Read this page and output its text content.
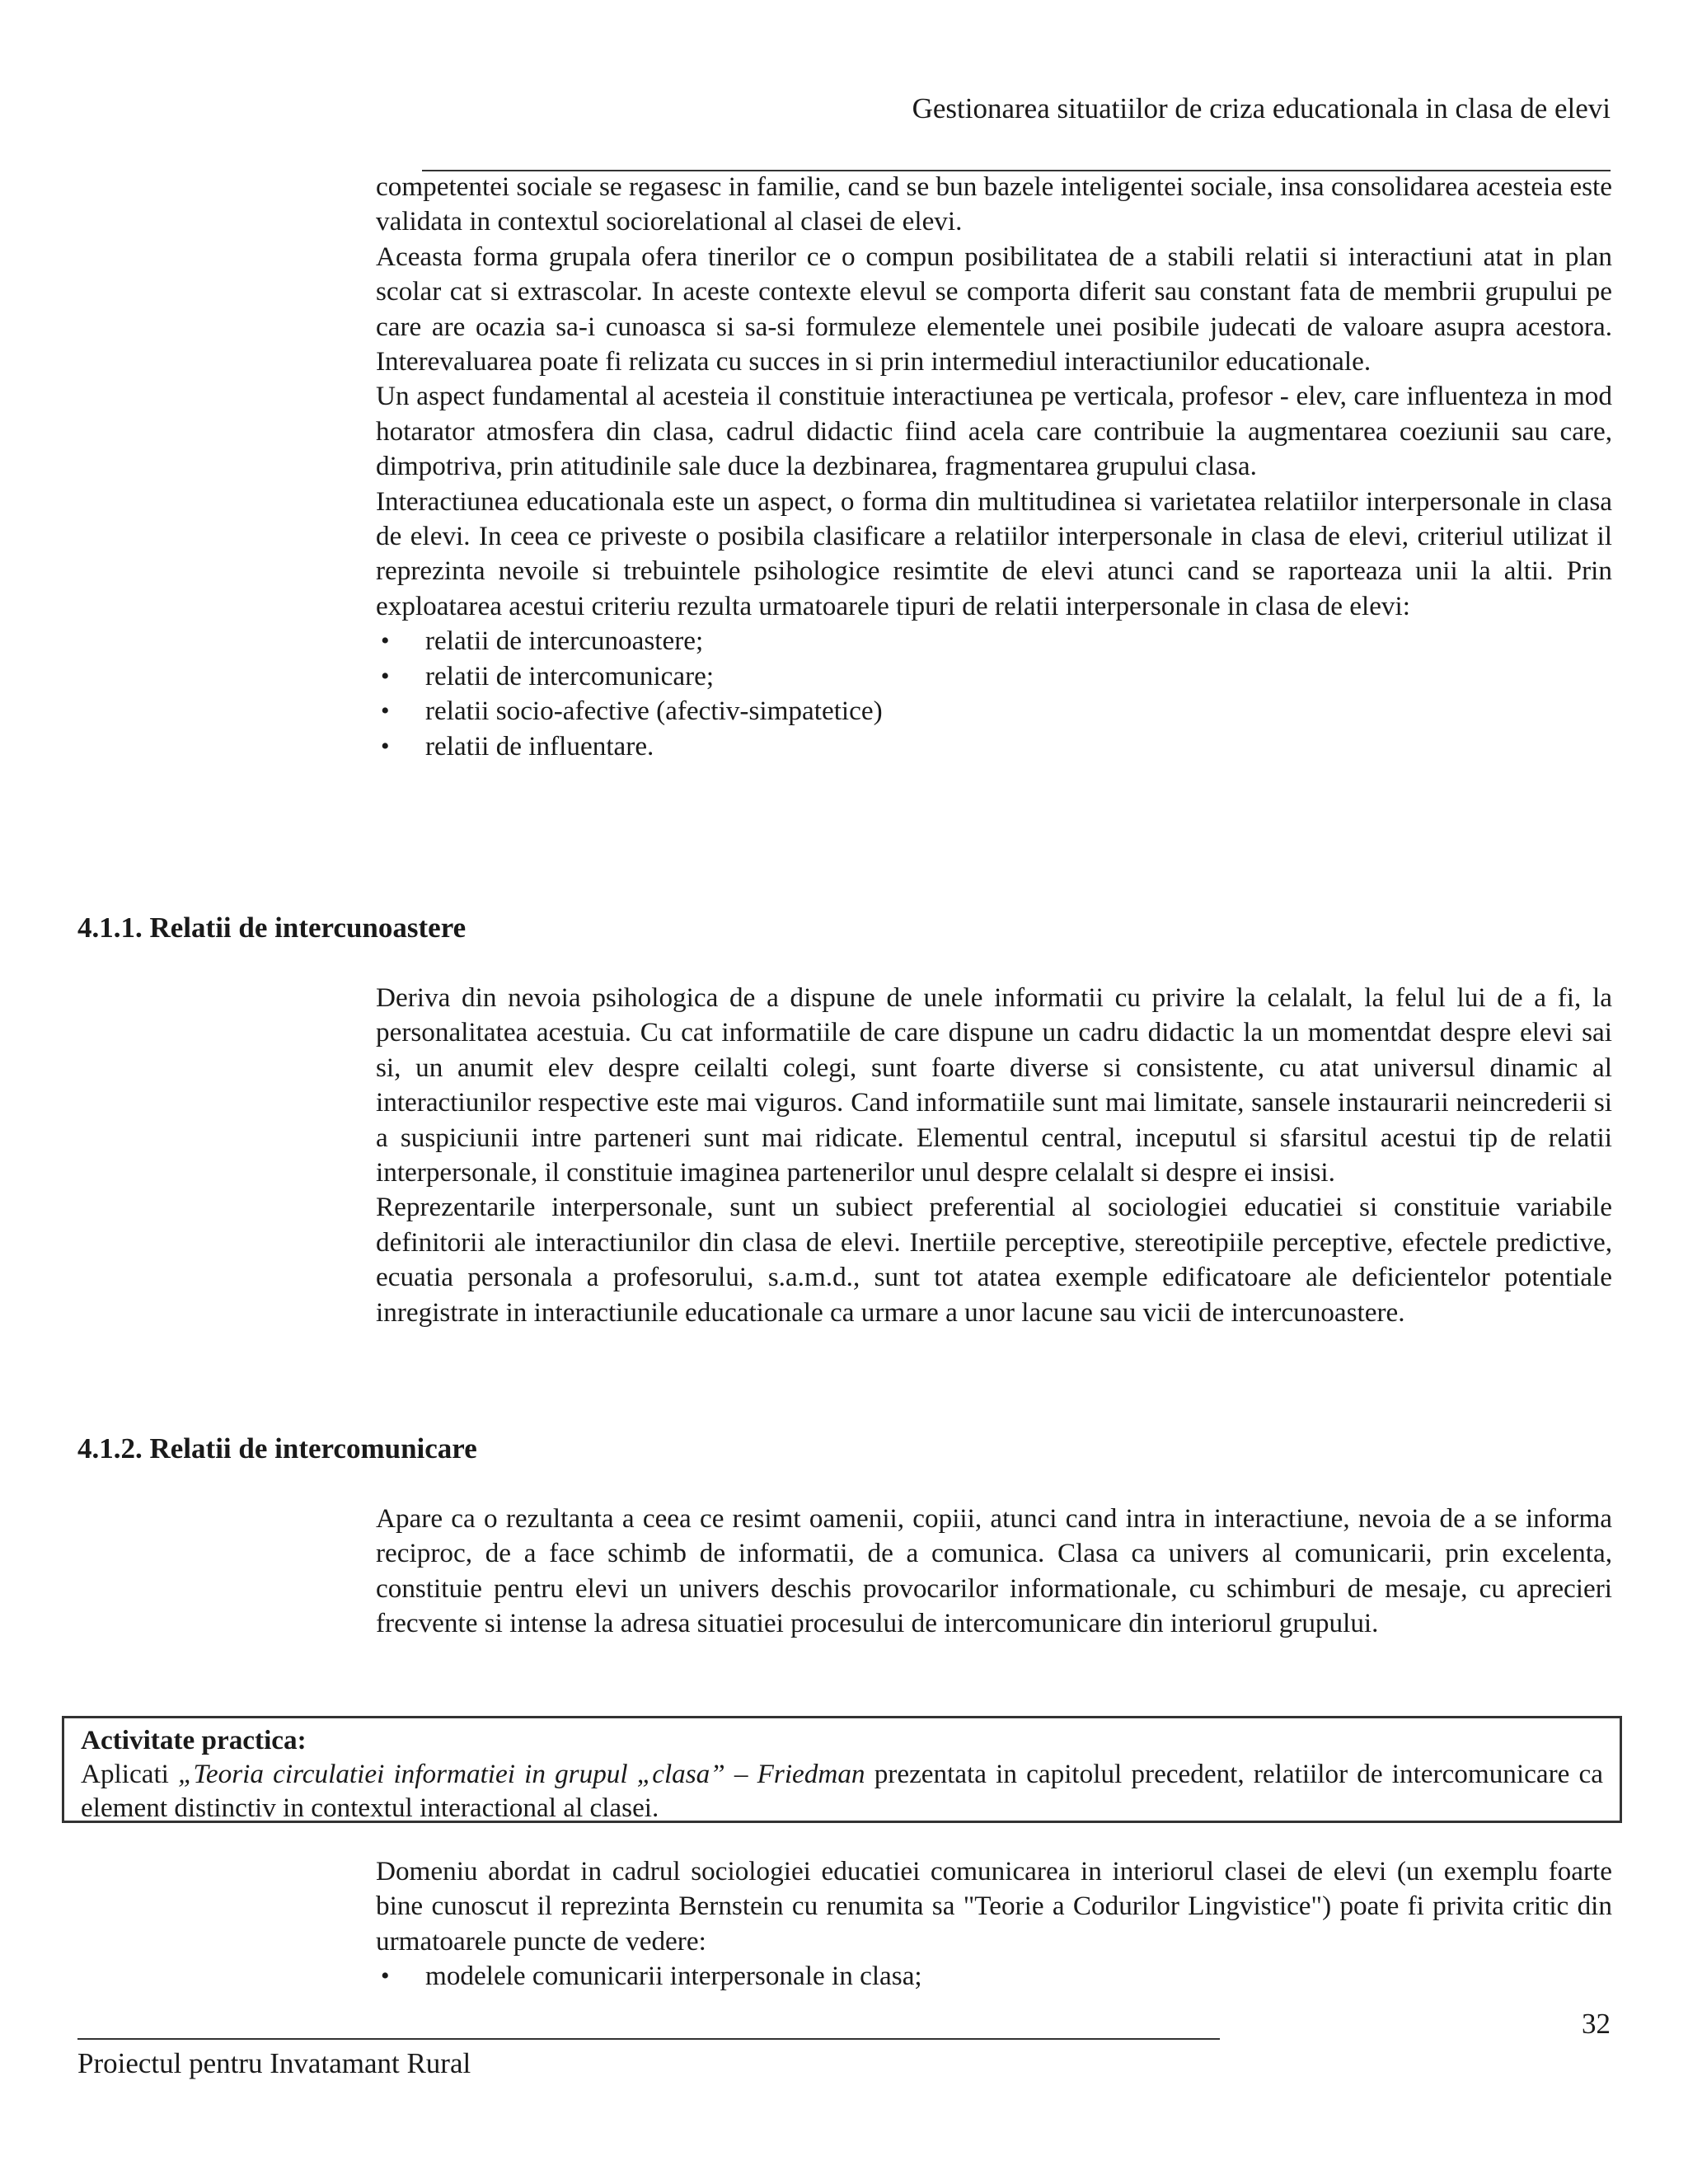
Gestionarea situatiilor de criza educationala in clasa de elevi

competentei sociale se regasesc in familie, cand se bun bazele inteligentei sociale, insa consolidarea acesteia este validata in contextul sociorelational al clasei de elevi.

Aceasta forma grupala ofera tinerilor ce o compun posibilitatea de a stabili relatii si interactiuni atat in plan scolar cat si extrascolar. In aceste contexte elevul se comporta diferit sau constant fata de membrii grupului pe care are ocazia sa-i cunoasca si sa-si formuleze elementele unei posibile judecati de valoare asupra acestora. Interevaluarea poate fi relizata cu succes in si prin intermediul interactiunilor educationale.

Un aspect fundamental al acesteia il constituie interactiunea pe verticala, profesor - elev, care influenteza in mod hotarator atmosfera din clasa, cadrul didactic fiind acela care contribuie la augmentarea coeziunii sau care, dimpotriva, prin atitudinile sale duce la dezbinarea, fragmentarea grupului clasa.

Interactiunea educationala este un aspect, o forma din multitudinea si varietatea relatiilor interpersonale in clasa de elevi. In ceea ce priveste o posibila clasificare a relatiilor interpersonale in clasa de elevi, criteriul utilizat il reprezinta nevoile si trebuintele psihologice resimtite de elevi atunci cand se raporteaza unii la altii. Prin exploatarea acestui criteriu rezulta urmatoarele tipuri de relatii interpersonale in clasa de elevi:

• relatii de intercunoastere;
• relatii de intercomunicare;
• relatii socio-afective (afectiv-simpatetice)
• relatii de influentare.
4.1.1. Relatii de intercunoastere

Deriva din nevoia psihologica de a dispune de unele informatii cu privire la celalalt, la felul lui de a fi, la personalitatea acestuia. Cu cat informatiile de care dispune un cadru didactic la un momentdat despre elevi sai si, un anumit elev despre ceilalti colegi, sunt foarte diverse si consistente, cu atat universul dinamic al interactiunilor respective este mai viguros. Cand informatiile sunt mai limitate, sansele instaurarii neincrederii si a suspiciunii intre parteneri sunt mai ridicate. Elementul central, inceputul si sfarsitul acestui tip de relatii interpersonale, il constituie imaginea partenerilor unul despre celalalt si despre ei insisi.

Reprezentarile interpersonale, sunt un subiect preferential al sociologiei educatiei si constituie variabile definitorii ale interactiunilor din clasa de elevi. Inertiile perceptive, stereotipiile perceptive, efectele predictive, ecuatia personala a profesorului, s.a.m.d., sunt tot atatea exemple edificatoare ale deficientelor potentiale inregistrate in interactiunile educationale ca urmare a unor lacune sau vicii de intercunoastere.

4.1.2. Relatii de intercomunicare

Apare ca o rezultanta a ceea ce resimt oamenii, copiii, atunci cand intra in interactiune, nevoia de a se informa reciproc, de a face schimb de informatii, de a comunica. Clasa ca univers al comunicarii, prin excelenta, constituie pentru elevi un univers deschis provocarilor informationale, cu schimburi de mesaje, cu aprecieri frecvente si intense la adresa situatiei procesului de intercomunicare din interiorul grupului.

Activitate practica:
Aplicati „Teoria circulatiei informatiei in grupul „clasa” – Friedman prezentata in capitolul precedent, relatiilor de intercomunicare ca element distinctiv in contextul interactional al clasei.

Domeniu abordat in cadrul sociologiei educatiei comunicarea in interiorul clasei de elevi (un exemplu foarte bine cunoscut il reprezinta Bernstein cu renumita sa "Teorie a Codurilor Lingvistice") poate fi privita critic din urmatoarele puncte de vedere:

• modelele comunicarii interpersonale in clasa;
32
Proiectul pentru Invatamant Rural
